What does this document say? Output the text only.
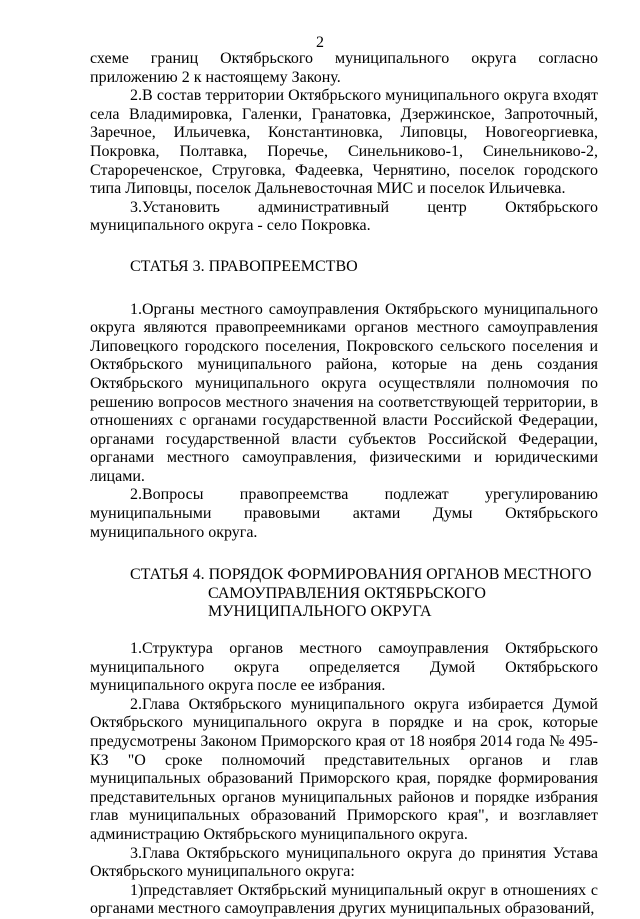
2

схеме границ Октябрьского муниципального округа согласно приложению 2 к настоящему Закону.

2.В состав территории Октябрьского муниципального округа входят села Владимировка, Галенки, Гранатовка, Дзержинское, Запроточный, Заречное, Ильичевка, Константиновка, Липовцы, Новогеоргиевка, Покровка, Полтавка, Поречье, Синельниково-1, Синельниково-2, Старореченское, Струговка, Фадеевка, Чернятино, поселок городского типа Липовцы, поселок Дальневосточная МИС и поселок Ильичевка.

3.Установить административный центр Октябрьского муниципального округа - село Покровка.

СТАТЬЯ 3. ПРАВОПРЕЕМСТВО

1.Органы местного самоуправления Октябрьского муниципального округа являются правопреемниками органов местного самоуправления Липовецкого городского поселения, Покровского сельского поселения и Октябрьского муниципального района, которые на день создания Октябрьского муниципального округа осуществляли полномочия по решению вопросов местного значения на соответствующей территории, в отношениях с органами государственной власти Российской Федерации, органами государственной власти субъектов Российской Федерации, органами местного самоуправления, физическими и юридическими лицами.

2.Вопросы правопреемства подлежат урегулированию муниципальными правовыми актами Думы Октябрьского муниципального округа.

СТАТЬЯ 4. ПОРЯДОК ФОРМИРОВАНИЯ ОРГАНОВ МЕСТНОГО
САМОУПРАВЛЕНИЯ ОКТЯБРЬСКОГО
МУНИЦИПАЛЬНОГО ОКРУГА

1.Структура органов местного самоуправления Октябрьского муниципального округа определяется Думой Октябрьского муниципального округа после ее избрания.

2.Глава Октябрьского муниципального округа избирается Думой Октябрьского муниципального округа в порядке и на срок, которые предусмотрены Законом Приморского края от 18 ноября 2014 года № 495-КЗ "О сроке полномочий представительных органов и глав муниципальных образований Приморского края, порядке формирования представительных органов муниципальных районов и порядке избрания глав муниципальных образований Приморского края", и возглавляет администрацию Октябрьского муниципального округа.

3.Глава Октябрьского муниципального округа до принятия Устава Октябрьского муниципального округа:

1)представляет Октябрьский муниципальный округ в отношениях с органами местного самоуправления других муниципальных образований,
